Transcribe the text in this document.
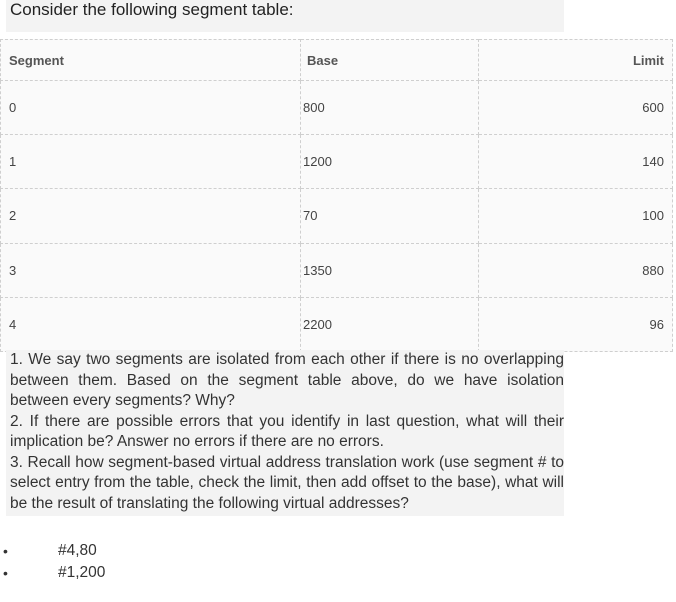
Consider the following segment table:
Segment	Base	Limit
0	800	600
1	1200	140
2	70	100
3	1350	880
4	2200	96

1. We say two segments are isolated from each other if there is no overlapping between them. Based on the segment table above, do we have isolation between every segments? Why?

2. If there are possible errors that you identify in last question, what will their implication be? Answer no errors if there are no errors.

3. Recall how segment-based virtual address translation work (use segment # to select entry from the table, check the limit, then add offset to the base), what will be the result of translating the following virtual addresses?

•	#4,80
•	#1,200
